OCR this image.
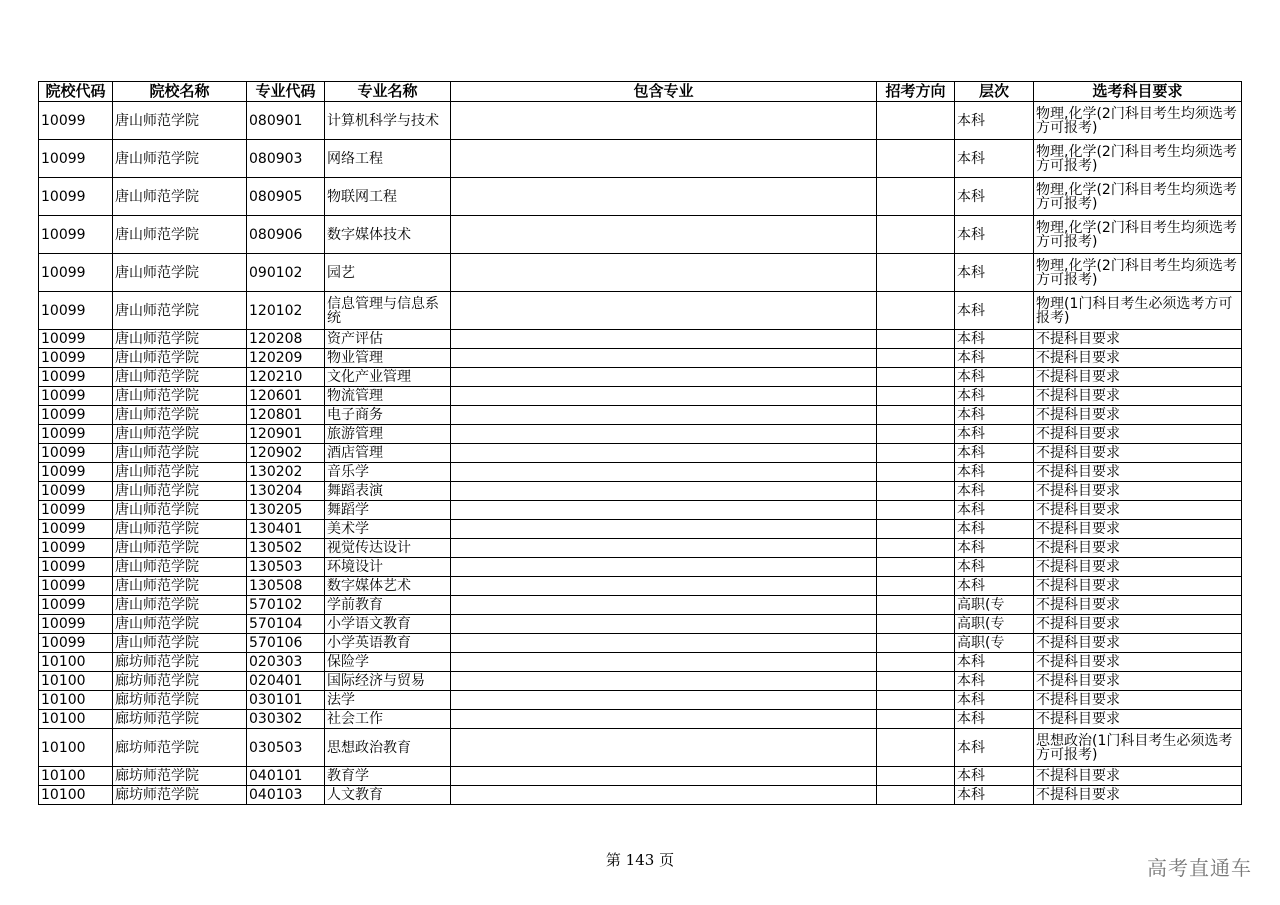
院校代码	院校名称	专业代码	专业名称	包含专业	招考方向	层次	选考科目要求
10099	唐山师范学院	080901	计算机科学与技术			本科	物理,化学(2门科目考生均须选考方可报考)
10099	唐山师范学院	080903	网络工程			本科	物理,化学(2门科目考生均须选考方可报考)
10099	唐山师范学院	080905	物联网工程			本科	物理,化学(2门科目考生均须选考方可报考)
10099	唐山师范学院	080906	数字媒体技术			本科	物理,化学(2门科目考生均须选考方可报考)
10099	唐山师范学院	090102	园艺			本科	物理,化学(2门科目考生均须选考方可报考)
10099	唐山师范学院	120102	信息管理与信息系统			本科	物理(1门科目考生必须选考方可报考)
10099	唐山师范学院	120208	资产评估			本科	不提科目要求
10099	唐山师范学院	120209	物业管理			本科	不提科目要求
10099	唐山师范学院	120210	文化产业管理			本科	不提科目要求
10099	唐山师范学院	120601	物流管理			本科	不提科目要求
10099	唐山师范学院	120801	电子商务			本科	不提科目要求
10099	唐山师范学院	120901	旅游管理			本科	不提科目要求
10099	唐山师范学院	120902	酒店管理			本科	不提科目要求
10099	唐山师范学院	130202	音乐学			本科	不提科目要求
10099	唐山师范学院	130204	舞蹈表演			本科	不提科目要求
10099	唐山师范学院	130205	舞蹈学			本科	不提科目要求
10099	唐山师范学院	130401	美术学			本科	不提科目要求
10099	唐山师范学院	130502	视觉传达设计			本科	不提科目要求
10099	唐山师范学院	130503	环境设计			本科	不提科目要求
10099	唐山师范学院	130508	数字媒体艺术			本科	不提科目要求
10099	唐山师范学院	570102	学前教育			高职(专	不提科目要求
10099	唐山师范学院	570104	小学语文教育			高职(专	不提科目要求
10099	唐山师范学院	570106	小学英语教育			高职(专	不提科目要求
10100	廊坊师范学院	020303	保险学			本科	不提科目要求
10100	廊坊师范学院	020401	国际经济与贸易			本科	不提科目要求
10100	廊坊师范学院	030101	法学			本科	不提科目要求
10100	廊坊师范学院	030302	社会工作			本科	不提科目要求
10100	廊坊师范学院	030503	思想政治教育			本科	思想政治(1门科目考生必须选考方可报考)
10100	廊坊师范学院	040101	教育学			本科	不提科目要求
10100	廊坊师范学院	040103	人文教育			本科	不提科目要求
第 143 页	高考直通车
